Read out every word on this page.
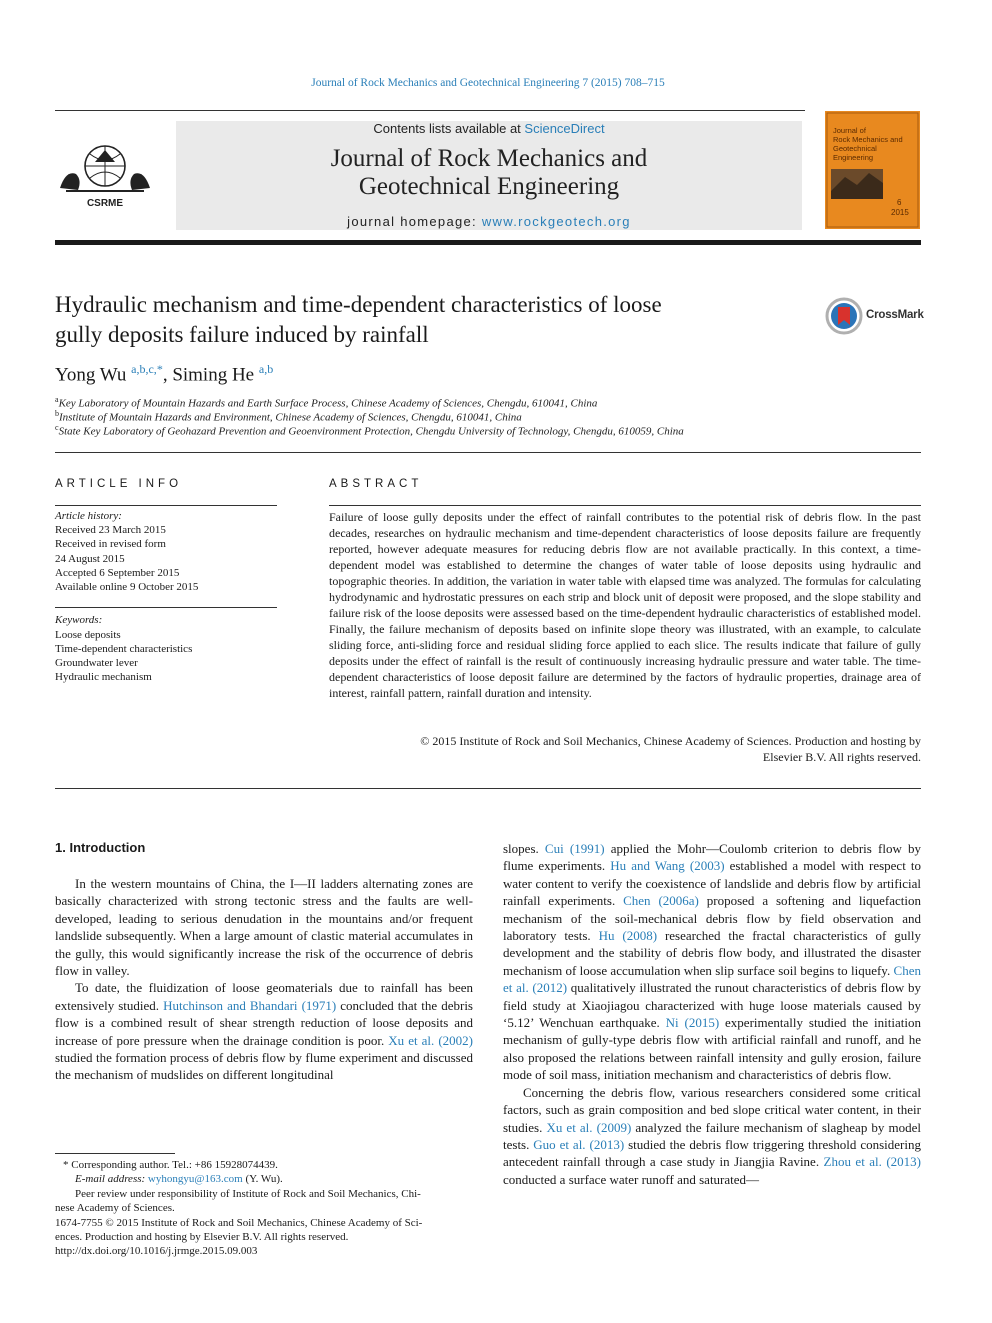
Journal of Rock Mechanics and Geotechnical Engineering 7 (2015) 708–715
CSRME
Contents lists available at ScienceDirect
Journal of Rock Mechanics and
Geotechnical Engineering
journal homepage: www.rockgeotech.org
Journal of Rock Mechanics and Geotechnical Engineering
6
2015
Hydraulic mechanism and time-dependent characteristics of loose
gully deposits failure induced by rainfall
CrossMark
Yong Wu $^{a,b,c,*}$, Siming He $^{a,b}$
$^a$Key Laboratory of Mountain Hazards and Earth Surface Process, Chinese Academy of Sciences, Chengdu, 610041, China
$^b$Institute of Mountain Hazards and Environment, Chinese Academy of Sciences, Chengdu, 610041, China
$^c$State Key Laboratory of Geohazard Prevention and Geoenvironment Protection, Chengdu University of Technology, Chengdu, 610059, China
ARTICLE INFO
Article history:
Received 23 March 2015
Received in revised form
24 August 2015
Accepted 6 September 2015
Available online 9 October 2015
Keywords:
Loose deposits
Time-dependent characteristics
Groundwater lever
Hydraulic mechanism
ABSTRACT
Failure of loose gully deposits under the effect of rainfall contributes to the potential risk of debris flow. In the past decades, researches on hydraulic mechanism and time-dependent characteristics of loose deposits failure are frequently reported, however adequate measures for reducing debris flow are not available practically. In this context, a time-dependent model was established to determine the changes of water table of loose deposits using hydraulic and topographic theories. In addition, the variation in water table with elapsed time was analyzed. The formulas for calculating hydrodynamic and hydrostatic pressures on each strip and block unit of deposit were proposed, and the slope stability and failure risk of the loose deposits were assessed based on the time-dependent hydraulic characteristics of established model. Finally, the failure mechanism of deposits based on infinite slope theory was illustrated, with an example, to calculate sliding force, anti-sliding force and residual sliding force applied to each slice. The results indicate that failure of gully deposits under the effect of rainfall is the result of continuously increasing hydraulic pressure and water table. The time-dependent characteristics of loose deposit failure are determined by the factors of hydraulic properties, drainage area of interest, rainfall pattern, rainfall duration and intensity.
© 2015 Institute of Rock and Soil Mechanics, Chinese Academy of Sciences. Production and hosting by
Elsevier B.V. All rights reserved.
1. Introduction

In the western mountains of China, the I—II ladders alternating zones are basically characterized with strong tectonic stress and the faults are well-developed, leading to serious denudation in the mountains and/or frequent landslide subsequently. When a large amount of clastic material accumulates in the gully, this would significantly increase the risk of the occurrence of debris flow in valley.

To date, the fluidization of loose geomaterials due to rainfall has been extensively studied. Hutchinson and Bhandari (1971) concluded that the debris flow is a combined result of shear strength reduction of loose deposits and increase of pore pressure when the drainage condition is poor. Xu et al. (2002) studied the formation process of debris flow by flume experiment and discussed the mechanism of mudslides on different longitudinal

slopes. Cui (1991) applied the Mohr—Coulomb criterion to debris flow by flume experiments. Hu and Wang (2003) established a model with respect to water content to verify the coexistence of landslide and debris flow by artificial rainfall experiments. Chen (2006a) proposed a softening and liquefaction mechanism of the soil-mechanical debris flow by field observation and laboratory tests. Hu (2008) researched the fractal characteristics of gully development and the stability of debris flow body, and illustrated the disaster mechanism of loose accumulation when slip surface soil begins to liquefy. Chen et al. (2012) qualitatively illustrated the runout characteristics of debris flow by field study at Xiaojiagou characterized with huge loose materials caused by ‘5.12’ Wenchuan earthquake. Ni (2015) experimentally studied the initiation mechanism of gully-type debris flow with artificial rainfall and runoff, and he also proposed the relations between rainfall intensity and gully erosion, failure mode of soil mass, initiation mechanism and characteristics of debris flow.

Concerning the debris flow, various researchers considered some critical factors, such as grain composition and bed slope critical water content, in their studies. Xu et al. (2009) analyzed the failure mechanism of slagheap by model tests. Guo et al. (2013) studied the debris flow triggering threshold considering antecedent rainfall through a case study in Jiangjia Ravine. Zhou et al. (2013) conducted a surface water runoff and saturated—

* Corresponding author. Tel.: +86 15928074439.
E-mail address: wyhongyu@163.com (Y. Wu).
Peer review under responsibility of Institute of Rock and Soil Mechanics, Chi-
nese Academy of Sciences.
1674-7755 © 2015 Institute of Rock and Soil Mechanics, Chinese Academy of Sci-
ences. Production and hosting by Elsevier B.V. All rights reserved.
http://dx.doi.org/10.1016/j.jrmge.2015.09.003
